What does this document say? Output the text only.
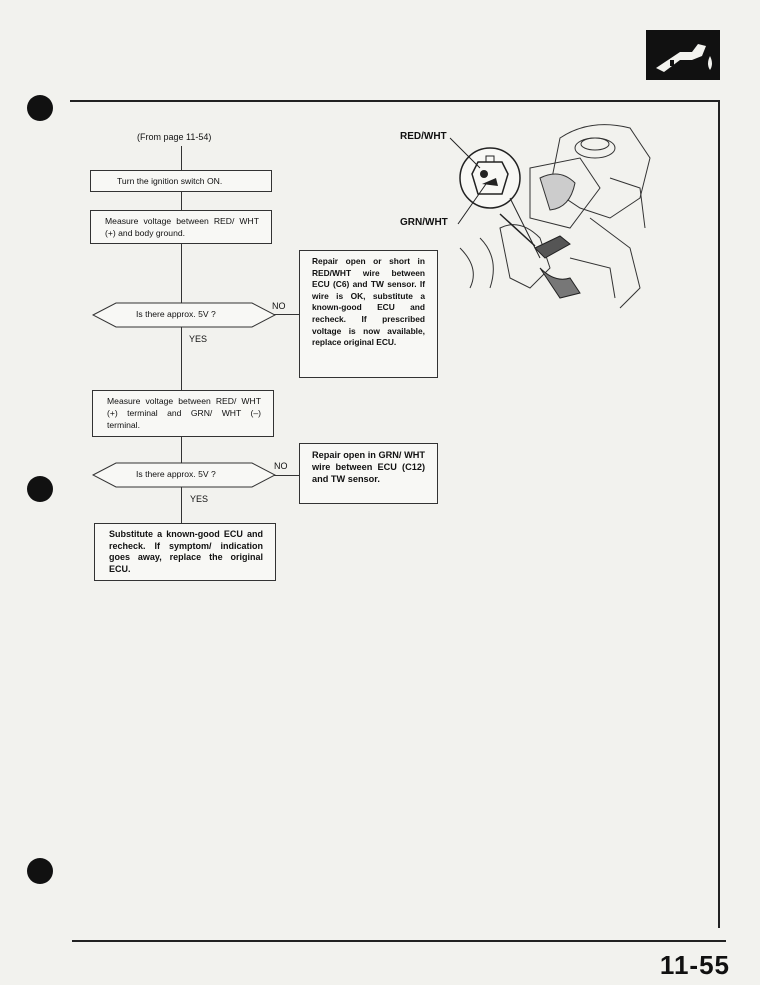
(From page 11-54)
Turn the ignition switch ON.
Measure voltage between RED/ WHT (+) and body ground.
Is there approx. 5V ?
NO
YES
Repair open or short in RED/WHT wire between ECU (C6) and TW sensor. If wire is OK, substitute a known-good ECU and recheck. If prescribed voltage is now available, replace original ECU.
Measure voltage between RED/ WHT (+) terminal and GRN/ WHT (–) terminal.
Is there approx. 5V ?
NO
YES
Repair open in GRN/ WHT wire between ECU (C12) and TW sensor.
Substitute a known-good ECU and recheck. If symptom/ indication goes away, replace the original ECU.
RED/WHT
GRN/WHT
11-55
